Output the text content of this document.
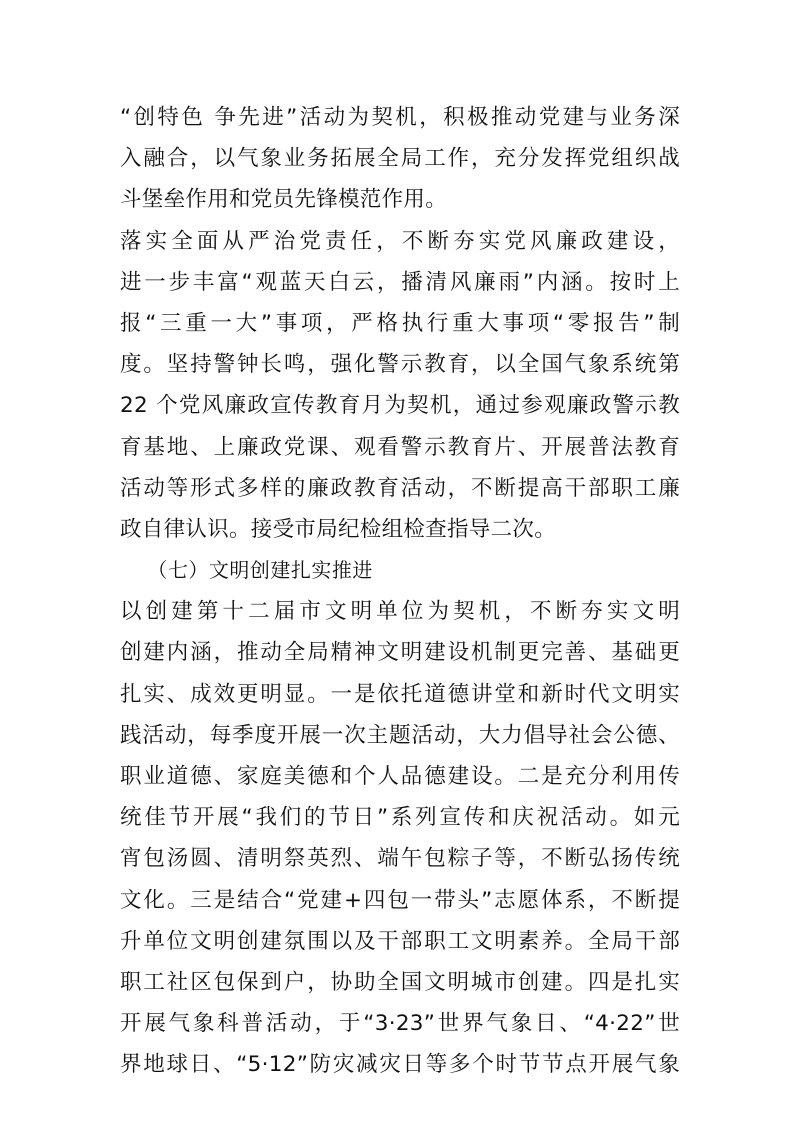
“创特色 争先进”活动为契机，积极推动党建与业务深
入融合，以气象业务拓展全局工作，充分发挥党组织战
斗堡垒作用和党员先锋模范作用。
落实全面从严治党责任，不断夯实党风廉政建设，
进一步丰富“观蓝天白云，播清风廉雨”内涵。按时上
报“三重一大”事项，严格执行重大事项“零报告”制
度。坚持警钟长鸣，强化警示教育，以全国气象系统第
22 个党风廉政宣传教育月为契机，通过参观廉政警示教
育基地、上廉政党课、观看警示教育片、开展普法教育
活动等形式多样的廉政教育活动，不断提高干部职工廉
政自律认识。接受市局纪检组检查指导二次。
（七）文明创建扎实推进
以创建第十二届市文明单位为契机，不断夯实文明
创建内涵，推动全局精神文明建设机制更完善、基础更
扎实、成效更明显。一是依托道德讲堂和新时代文明实
践活动，每季度开展一次主题活动，大力倡导社会公德、
职业道德、家庭美德和个人品德建设。二是充分利用传
统佳节开展“我们的节日”系列宣传和庆祝活动。如元
宵包汤圆、清明祭英烈、端午包粽子等，不断弘扬传统
文化。三是结合“党建+四包一带头”志愿体系，不断提
升单位文明创建氛围以及干部职工文明素养。全局干部
职工社区包保到户，协助全国文明城市创建。四是扎实
开展气象科普活动，于“3·23”世界气象日、“4·22”世
界地球日、“5·12”防灾减灾日等多个时节节点开展气象
